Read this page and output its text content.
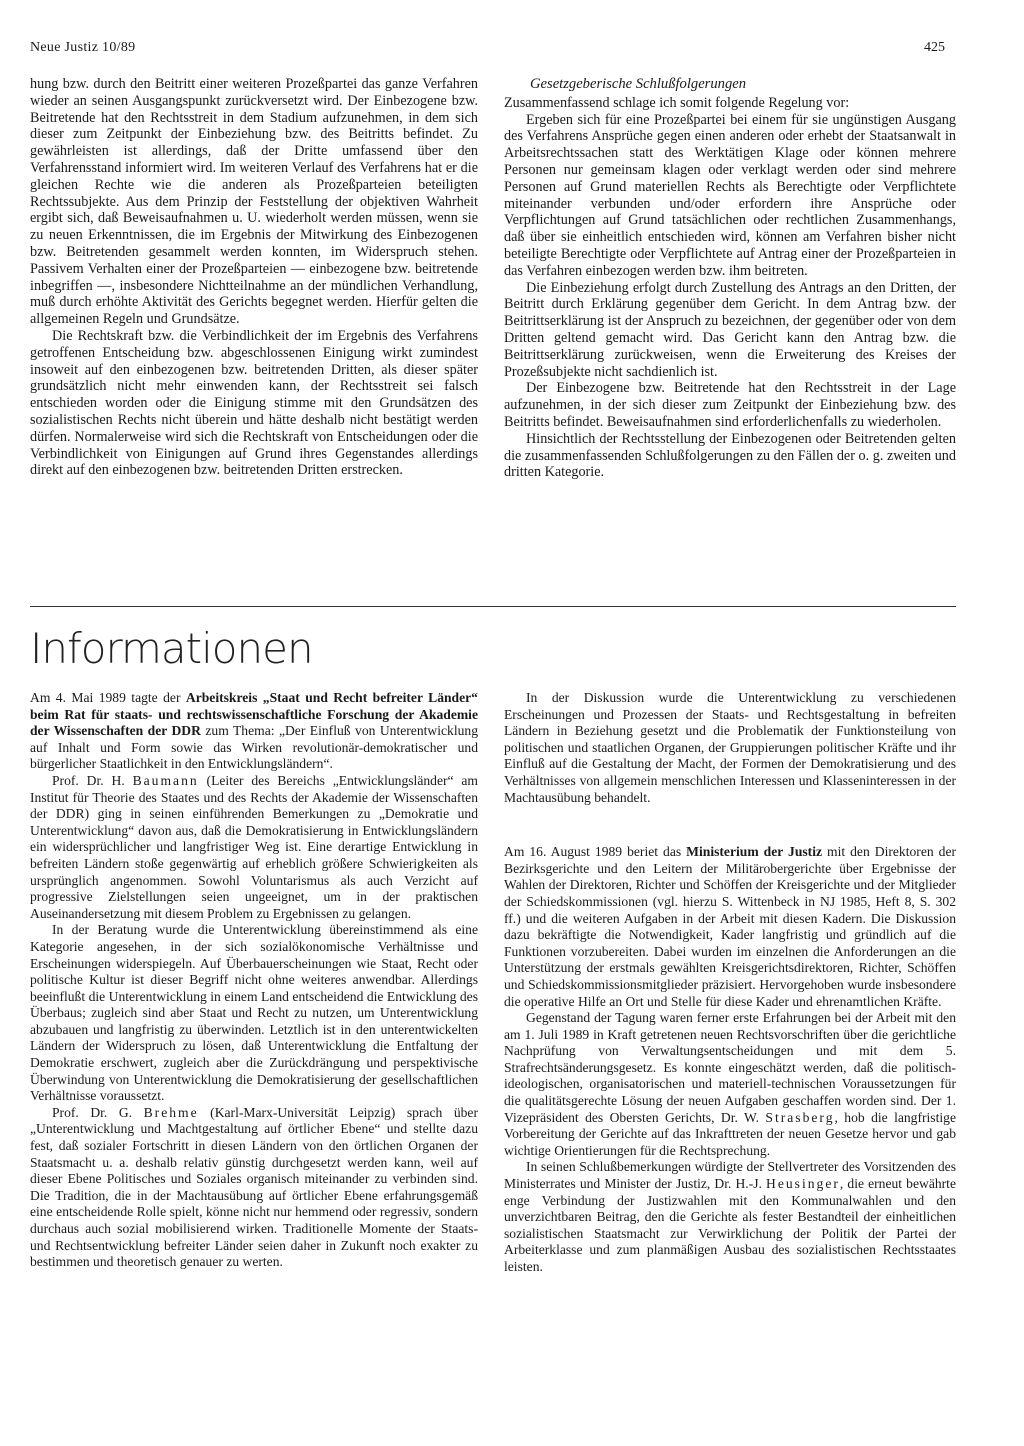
Neue Justiz 10/89	425

hung bzw. durch den Beitritt einer weiteren Prozeßpartei das ganze Verfahren wieder an seinen Ausgangspunkt zurückversetzt wird. Der Einbezogene bzw. Beitretende hat den Rechtsstreit in dem Stadium aufzunehmen, in dem sich dieser zum Zeitpunkt der Einbeziehung bzw. des Beitritts befindet. Zu gewährleisten ist allerdings, daß der Dritte umfassend über den Verfahrensstand informiert wird. Im weiteren Verlauf des Verfahrens hat er die gleichen Rechte wie die anderen als Prozeßparteien beteiligten Rechtssubjekte. Aus dem Prinzip der Feststellung der objektiven Wahrheit ergibt sich, daß Beweisaufnahmen u. U. wiederholt werden müssen, wenn sie zu neuen Erkenntnissen, die im Ergebnis der Mitwirkung des Einbezogenen bzw. Beitretenden gesammelt werden konnten, im Widerspruch stehen. Passivem Verhalten einer der Prozeßparteien — einbezogene bzw. beitretende inbegriffen —, insbesondere Nichtteilnahme an der mündlichen Verhandlung, muß durch erhöhte Aktivität des Gerichts begegnet werden. Hierfür gelten die allgemeinen Regeln und Grundsätze.

Die Rechtskraft bzw. die Verbindlichkeit der im Ergebnis des Verfahrens getroffenen Entscheidung bzw. abgeschlossenen Einigung wirkt zumindest insoweit auf den einbezogenen bzw. beitretenden Dritten, als dieser später grundsätzlich nicht mehr einwenden kann, der Rechtsstreit sei falsch entschieden worden oder die Einigung stimme mit den Grundsätzen des sozialistischen Rechts nicht überein und hätte deshalb nicht bestätigt werden dürfen. Normalerweise wird sich die Rechtskraft von Entscheidungen oder die Verbindlichkeit von Einigungen auf Grund ihres Gegenstandes allerdings direkt auf den einbezogenen bzw. beitretenden Dritten erstrecken.

Gesetzgeberische Schlußfolgerungen

Zusammenfassend schlage ich somit folgende Regelung vor:

Ergeben sich für eine Prozeßpartei bei einem für sie ungünstigen Ausgang des Verfahrens Ansprüche gegen einen anderen oder erhebt der Staatsanwalt in Arbeitsrechtssachen statt des Werktätigen Klage oder können mehrere Personen nur gemeinsam klagen oder verklagt werden oder sind mehrere Personen auf Grund materiellen Rechts als Berechtigte oder Verpflichtete miteinander verbunden und/oder erfordern ihre Ansprüche oder Verpflichtungen auf Grund tatsächlichen oder rechtlichen Zusammenhangs, daß über sie einheitlich entschieden wird, können am Verfahren bisher nicht beteiligte Berechtigte oder Verpflichtete auf Antrag einer der Prozeßparteien in das Verfahren einbezogen werden bzw. ihm beitreten.

Die Einbeziehung erfolgt durch Zustellung des Antrags an den Dritten, der Beitritt durch Erklärung gegenüber dem Gericht. In dem Antrag bzw. der Beitrittserklärung ist der Anspruch zu bezeichnen, der gegenüber oder von dem Dritten geltend gemacht wird. Das Gericht kann den Antrag bzw. die Beitrittserklärung zurückweisen, wenn die Erweiterung des Kreises der Prozeßsubjekte nicht sachdienlich ist.

Der Einbezogene bzw. Beitretende hat den Rechtsstreit in der Lage aufzunehmen, in der sich dieser zum Zeitpunkt der Einbeziehung bzw. des Beitritts befindet. Beweisaufnahmen sind erforderlichenfalls zu wiederholen.

Hinsichtlich der Rechtsstellung der Einbezogenen oder Beitretenden gelten die zusammenfassenden Schlußfolgerungen zu den Fällen der o. g. zweiten und dritten Kategorie.

Informationen

Am 4. Mai 1989 tagte der Arbeitskreis „Staat und Recht befreiter Länder“ beim Rat für staats- und rechtswissenschaftliche Forschung der Akademie der Wissenschaften der DDR zum Thema: „Der Einfluß von Unterentwicklung auf Inhalt und Form sowie das Wirken revolutionär-demokratischer und bürgerlicher Staatlichkeit in den Entwicklungsländern“.

Prof. Dr. H. Baumann (Leiter des Bereichs „Entwicklungsländer“ am Institut für Theorie des Staates und des Rechts der Akademie der Wissenschaften der DDR) ging in seinen einführenden Bemerkungen zu „Demokratie und Unterentwicklung“ davon aus, daß die Demokratisierung in Entwicklungsländern ein widersprüchlicher und langfristiger Weg ist. Eine derartige Entwicklung in befreiten Ländern stoße gegenwärtig auf erheblich größere Schwierigkeiten als ursprünglich angenommen. Sowohl Voluntarismus als auch Verzicht auf progressive Zielstellungen seien ungeeignet, um in der praktischen Auseinandersetzung mit diesem Problem zu Ergebnissen zu gelangen.

In der Beratung wurde die Unterentwicklung übereinstimmend als eine Kategorie angesehen, in der sich sozialökonomische Verhältnisse und Erscheinungen widerspiegeln. Auf Überbauerscheinungen wie Staat, Recht oder politische Kultur ist dieser Begriff nicht ohne weiteres anwendbar. Allerdings beeinflußt die Unterentwicklung in einem Land entscheidend die Entwicklung des Überbaus; zugleich sind aber Staat und Recht zu nutzen, um Unterentwicklung abzubauen und langfristig zu überwinden. Letztlich ist in den unterentwickelten Ländern der Widerspruch zu lösen, daß Unterentwicklung die Entfaltung der Demokratie erschwert, zugleich aber die Zurückdrängung und perspektivische Überwindung von Unterentwicklung die Demokratisierung der gesellschaftlichen Verhältnisse voraussetzt.

Prof. Dr. G. Brehme (Karl-Marx-Universität Leipzig) sprach über „Unterentwicklung und Machtgestaltung auf örtlicher Ebene“ und stellte dazu fest, daß sozialer Fortschritt in diesen Ländern von den örtlichen Organen der Staatsmacht u. a. deshalb relativ günstig durchgesetzt werden kann, weil auf dieser Ebene Politisches und Soziales organisch miteinander zu verbinden sind. Die Tradition, die in der Machtausübung auf örtlicher Ebene erfahrungsgemäß eine entscheidende Rolle spielt, könne nicht nur hemmend oder regressiv, sondern durchaus auch sozial mobilisierend wirken. Traditionelle Momente der Staats- und Rechtsentwicklung befreiter Länder seien daher in Zukunft noch exakter zu bestimmen und theoretisch genauer zu werten.

In der Diskussion wurde die Unterentwicklung zu verschiedenen Erscheinungen und Prozessen der Staats- und Rechtsgestaltung in befreiten Ländern in Beziehung gesetzt und die Problematik der Funktionsteilung von politischen und staatlichen Organen, der Gruppierungen politischer Kräfte und ihr Einfluß auf die Gestaltung der Macht, der Formen der Demokratisierung und des Verhältnisses von allgemein menschlichen Interessen und Klasseninteressen in der Machtausübung behandelt.

Am 16. August 1989 beriet das Ministerium der Justiz mit den Direktoren der Bezirksgerichte und den Leitern der Militärobergerichte über Ergebnisse der Wahlen der Direktoren, Richter und Schöffen der Kreisgerichte und der Mitglieder der Schiedskommissionen (vgl. hierzu S. Wittenbeck in NJ 1985, Heft 8, S. 302 ff.) und die weiteren Aufgaben in der Arbeit mit diesen Kadern. Die Diskussion dazu bekräftigte die Notwendigkeit, Kader langfristig und gründlich auf die Funktionen vorzubereiten. Dabei wurden im einzelnen die Anforderungen an die Unterstützung der erstmals gewählten Kreisgerichtsdirektoren, Richter, Schöffen und Schiedskommissionsmitglieder präzisiert. Hervorgehoben wurde insbesondere die operative Hilfe an Ort und Stelle für diese Kader und ehrenamtlichen Kräfte.

Gegenstand der Tagung waren ferner erste Erfahrungen bei der Arbeit mit den am 1. Juli 1989 in Kraft getretenen neuen Rechtsvorschriften über die gerichtliche Nachprüfung von Verwaltungsentscheidungen und mit dem 5. Strafrechtsänderungsgesetz. Es konnte eingeschätzt werden, daß die politisch-ideologischen, organisatorischen und materiell-technischen Voraussetzungen für die qualitätsgerechte Lösung der neuen Aufgaben geschaffen worden sind. Der 1. Vizepräsident des Obersten Gerichts, Dr. W. Strasberg, hob die langfristige Vorbereitung der Gerichte auf das Inkrafttreten der neuen Gesetze hervor und gab wichtige Orientierungen für die Rechtsprechung.

In seinen Schlußbemerkungen würdigte der Stellvertreter des Vorsitzenden des Ministerrates und Minister der Justiz, Dr. H.-J. Heusinger, die erneut bewährte enge Verbindung der Justizwahlen mit den Kommunalwahlen und den unverzichtbaren Beitrag, den die Gerichte als fester Bestandteil der einheitlichen sozialistischen Staatsmacht zur Verwirklichung der Politik der Partei der Arbeiterklasse und zum planmäßigen Ausbau des sozialistischen Rechtsstaates leisten.
